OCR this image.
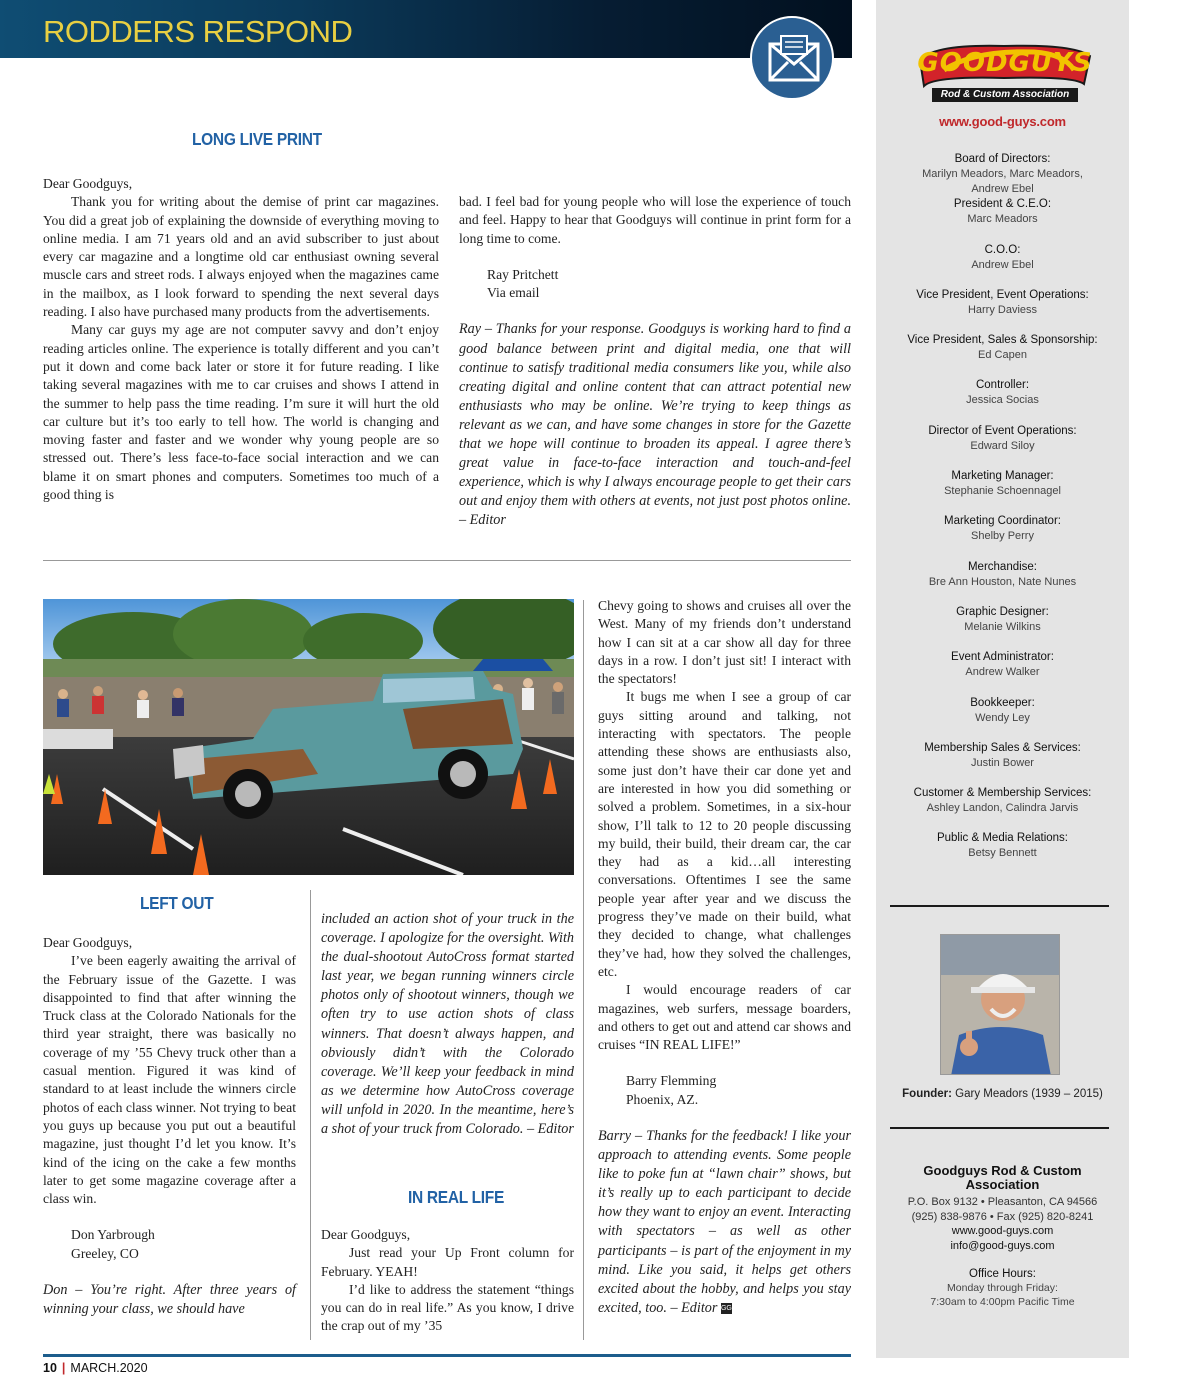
RODDERS RESPOND
LONG LIVE PRINT

Dear Goodguys,

Thank you for writing about the demise of print car magazines. You did a great job of explaining the downside of everything moving to online media. I am 71 years old and an avid subscriber to just about every car magazine and a longtime old car enthusiast owning several muscle cars and street rods. I always enjoyed when the magazines came in the mailbox, as I look forward to spending the next several days reading. I also have purchased many products from the advertisements.

Many car guys my age are not computer savvy and don’t enjoy reading articles online. The experience is totally different and you can’t put it down and come back later or store it for future reading. I like taking several magazines with me to car cruises and shows I attend in the summer to help pass the time reading. I’m sure it will hurt the old car culture but it’s too early to tell how. The world is changing and moving faster and faster and we wonder why young people are so stressed out. There’s less face-to-face social interaction and we can blame it on smart phones and computers. Sometimes too much of a good thing is

bad. I feel bad for young people who will lose the experience of touch and feel. Happy to hear that Goodguys will continue in print form for a long time to come.

Ray Pritchett

Via email

Ray – Thanks for your response. Goodguys is working hard to find a good balance between print and digital media, one that will continue to satisfy traditional media consumers like you, while also creating digital and online content that can attract potential new enthusiasts who may be online. We’re trying to keep things as relevant as we can, and have some changes in store for the Gazette that we hope will continue to broaden its appeal. I agree there’s great value in face-to-face interaction and touch-and-feel experience, which is why I always encourage people to get their cars out and enjoy them with others at events, not just post photos online. – Editor

LEFT OUT

Dear Goodguys,

I’ve been eagerly awaiting the arrival of the February issue of the Gazette. I was disappointed to find that after winning the Truck class at the Colorado Nationals for the third year straight, there was basically no coverage of my ’55 Chevy truck other than a casual mention. Figured it was kind of standard to at least include the winners circle photos of each class winner. Not trying to beat you guys up because you put out a beautiful magazine, just thought I’d let you know. It’s kind of the icing on the cake a few months later to get some magazine coverage after a class win.

Don Yarbrough

Greeley, CO

Don – You’re right. After three years of winning your class, we should have

included an action shot of your truck in the coverage. I apologize for the oversight. With the dual-shootout AutoCross format started last year, we began running winners circle photos only of shootout winners, though we often try to use action shots of class winners. That doesn’t always happen, and obviously didn’t with the Colorado coverage. We’ll keep your feedback in mind as we determine how AutoCross coverage will unfold in 2020. In the meantime, here’s a shot of your truck from Colorado. – Editor
IN REAL LIFE

Dear Goodguys,

Just read your Up Front column for February. YEAH!

I’d like to address the statement “things you can do in real life.” As you know, I drive the crap out of my ’35

Chevy going to shows and cruises all over the West. Many of my friends don’t understand how I can sit at a car show all day for three days in a row. I don’t just sit! I interact with the spectators!

It bugs me when I see a group of car guys sitting around and talking, not interacting with spectators. The people attending these shows are enthusiasts also, some just don’t have their car done yet and are interested in how you did something or solved a problem. Sometimes, in a six-hour show, I’ll talk to 12 to 20 people discussing my build, their build, their dream car, the car they had as a kid…all interesting conversations. Oftentimes I see the same people year after year and we discuss the progress they’ve made on their build, what they decided to change, what challenges they’ve had, how they solved the challenges, etc.

I would encourage readers of car magazines, web surfers, message boarders, and others to get out and attend car shows and cruises “IN REAL LIFE!”

Barry Flemming

Phoenix, AZ.

Barry – Thanks for the feedback! I like your approach to attending events. Some people like to poke fun at “lawn chair” shows, but it’s really up to each participant to decide how they want to enjoy an event. Interacting with spectators – as well as other participants – is part of the enjoyment in my mind. Like you said, it helps get others excited about the hobby, and helps you stay excited, too. – Editor GG

10 | MARCH.2020
GOODGUYS
Rod & Custom Association
www.good-guys.com
Board of Directors:
Marilyn Meadors, Marc Meadors,
Andrew Ebel
President & C.E.O:
Marc Meadors
C.O.O:
Andrew Ebel
Vice President, Event Operations:
Harry Daviess
Vice President, Sales & Sponsorship:
Ed Capen
Controller:
Jessica Socias
Director of Event Operations:
Edward Siloy
Marketing Manager:
Stephanie Schoennagel
Marketing Coordinator:
Shelby Perry
Merchandise:
Bre Ann Houston, Nate Nunes
Graphic Designer:
Melanie Wilkins
Event Administrator:
Andrew Walker
Bookkeeper:
Wendy Ley
Membership Sales & Services:
Justin Bower
Customer & Membership Services:
Ashley Landon, Calindra Jarvis
Public & Media Relations:
Betsy Bennett
Founder: Gary Meadors (1939 – 2015)
Goodguys Rod & Custom Association
P.O. Box 9132 • Pleasanton, CA 94566
(925) 838-9876 • Fax (925) 820-8241
www.good-guys.com
info@good-guys.com
Office Hours:
Monday through Friday:
7:30am to 4:00pm Pacific Time
